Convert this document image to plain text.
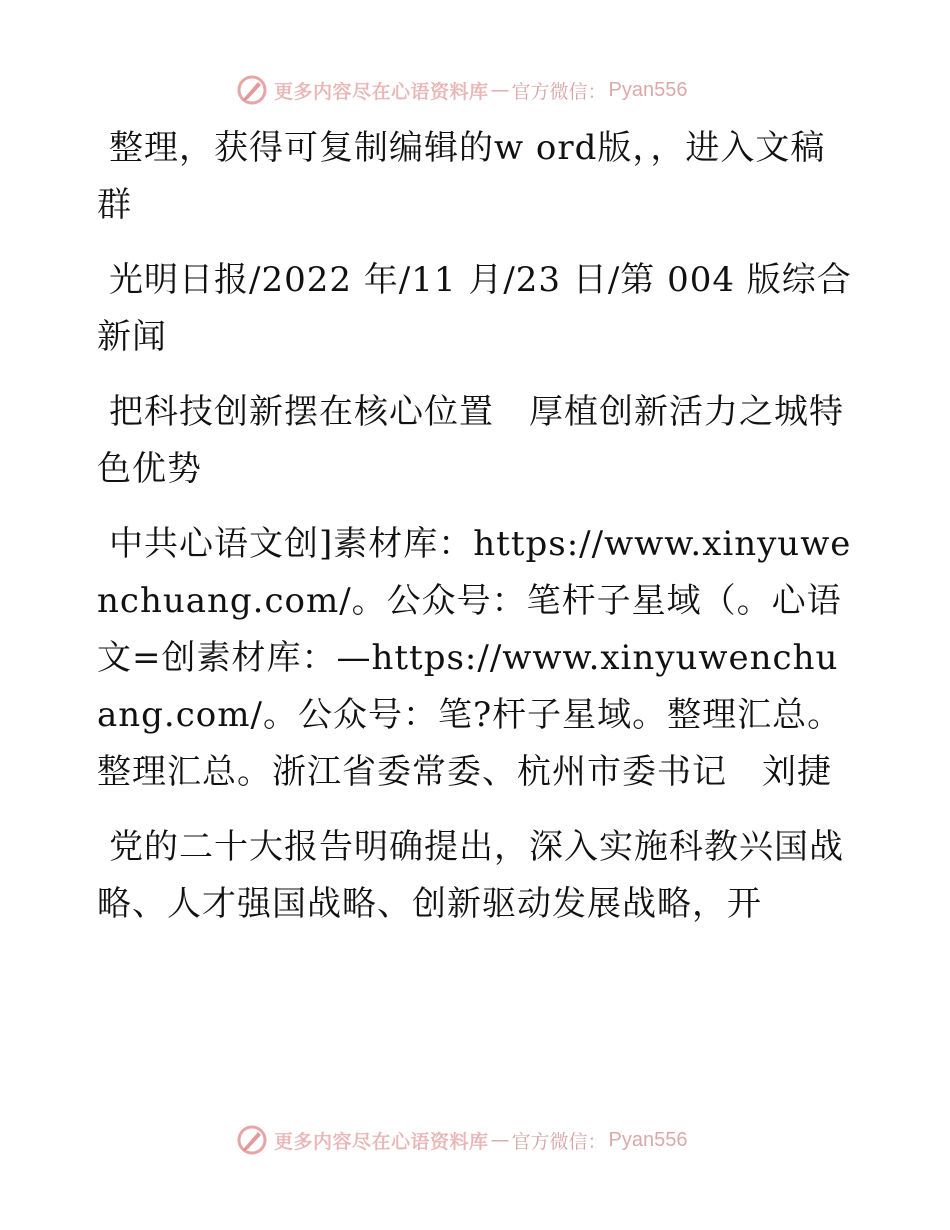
更多内容尽在心语资料库 — 官方微信： Pyan556

整理，获得可复制编辑的w ord版，，进入文稿群

光明日报/2022 年/11 月/23 日/第 004 版综合新闻

把科技创新摆在核心位置　厚植创新活力之城特色优势

中共心语文创]素材库：https://www.xinyuwenchuang.com/。公众号：笔杆子星域（。心语文=创素材库：—https://www.xinyuwenchuang.com/。公众号：笔?杆子星域。整理汇总。整理汇总。浙江省委常委、杭州市委书记　刘捷

党的二十大报告明确提出，深入实施科教兴国战略、人才强国战略、创新驱动发展战略，开

更多内容尽在心语资料库 — 官方微信： Pyan556
